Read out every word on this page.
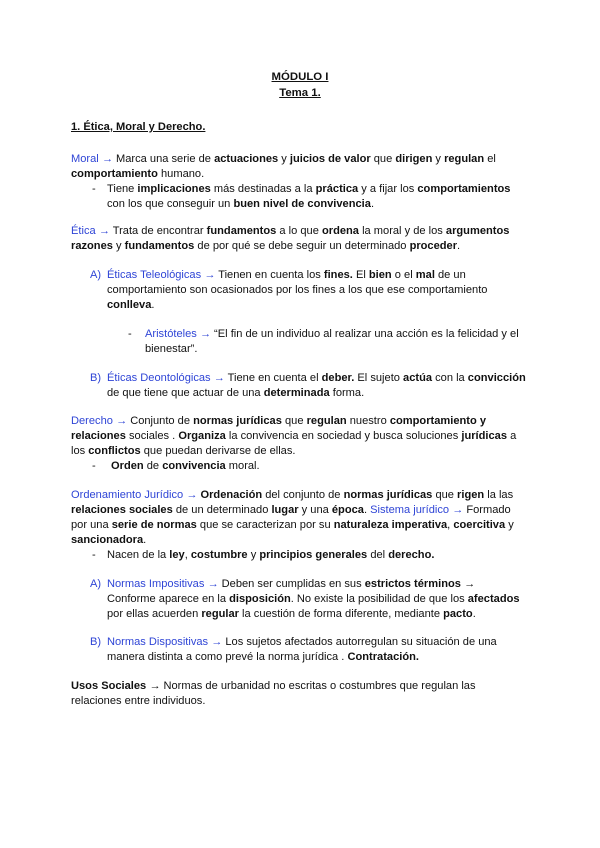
MÓDULO I
Tema 1.
1. Ética, Moral y Derecho.
Moral → Marca una serie de actuaciones y juicios de valor que dirigen y regulan el
comportamiento humano.
- Tiene implicaciones más destinadas a la práctica y a fijar los comportamientos
con los que conseguir un buen nivel de convivencia.
Ética → Trata de encontrar fundamentos a lo que ordena la moral y de los argumentos
razones y fundamentos de por qué se debe seguir un determinado proceder.
A) Éticas Teleológicas → Tienen en cuenta los fines. El bien o el mal de un
comportamiento son ocasionados por los fines a los que ese comportamiento
conlleva.
- Aristóteles → “El fin de un individuo al realizar una acción es la felicidad y el
bienestar”.
B) Éticas Deontológicas → Tiene en cuenta el deber. El sujeto actúa con la convicción
de que tiene que actuar de una determinada forma.
Derecho → Conjunto de normas jurídicas que regulan nuestro comportamiento y
relaciones sociales . Organiza la convivencia en sociedad y busca soluciones jurídicas a
los conflictos que puedan derivarse de ellas.
- Orden de convivencia moral.
Ordenamiento Jurídico → Ordenación del conjunto de normas jurídicas que rigen la las
relaciones sociales de un determinado lugar y una época. Sistema jurídico → Formado
por una serie de normas que se caracterizan por su naturaleza imperativa, coercitiva y
sancionadora.
- Nacen de la ley, costumbre y principios generales del derecho.
A) Normas Impositivas → Deben ser cumplidas en sus estrictos términos →
Conforme aparece en la disposición. No existe la posibilidad de que los afectados
por ellas acuerden regular la cuestión de forma diferente, mediante pacto.
B) Normas Dispositivas → Los sujetos afectados autorregulan su situación de una
manera distinta a como prevé la norma jurídica . Contratación.
Usos Sociales → Normas de urbanidad no escritas o costumbres que regulan las
relaciones entre individuos.
